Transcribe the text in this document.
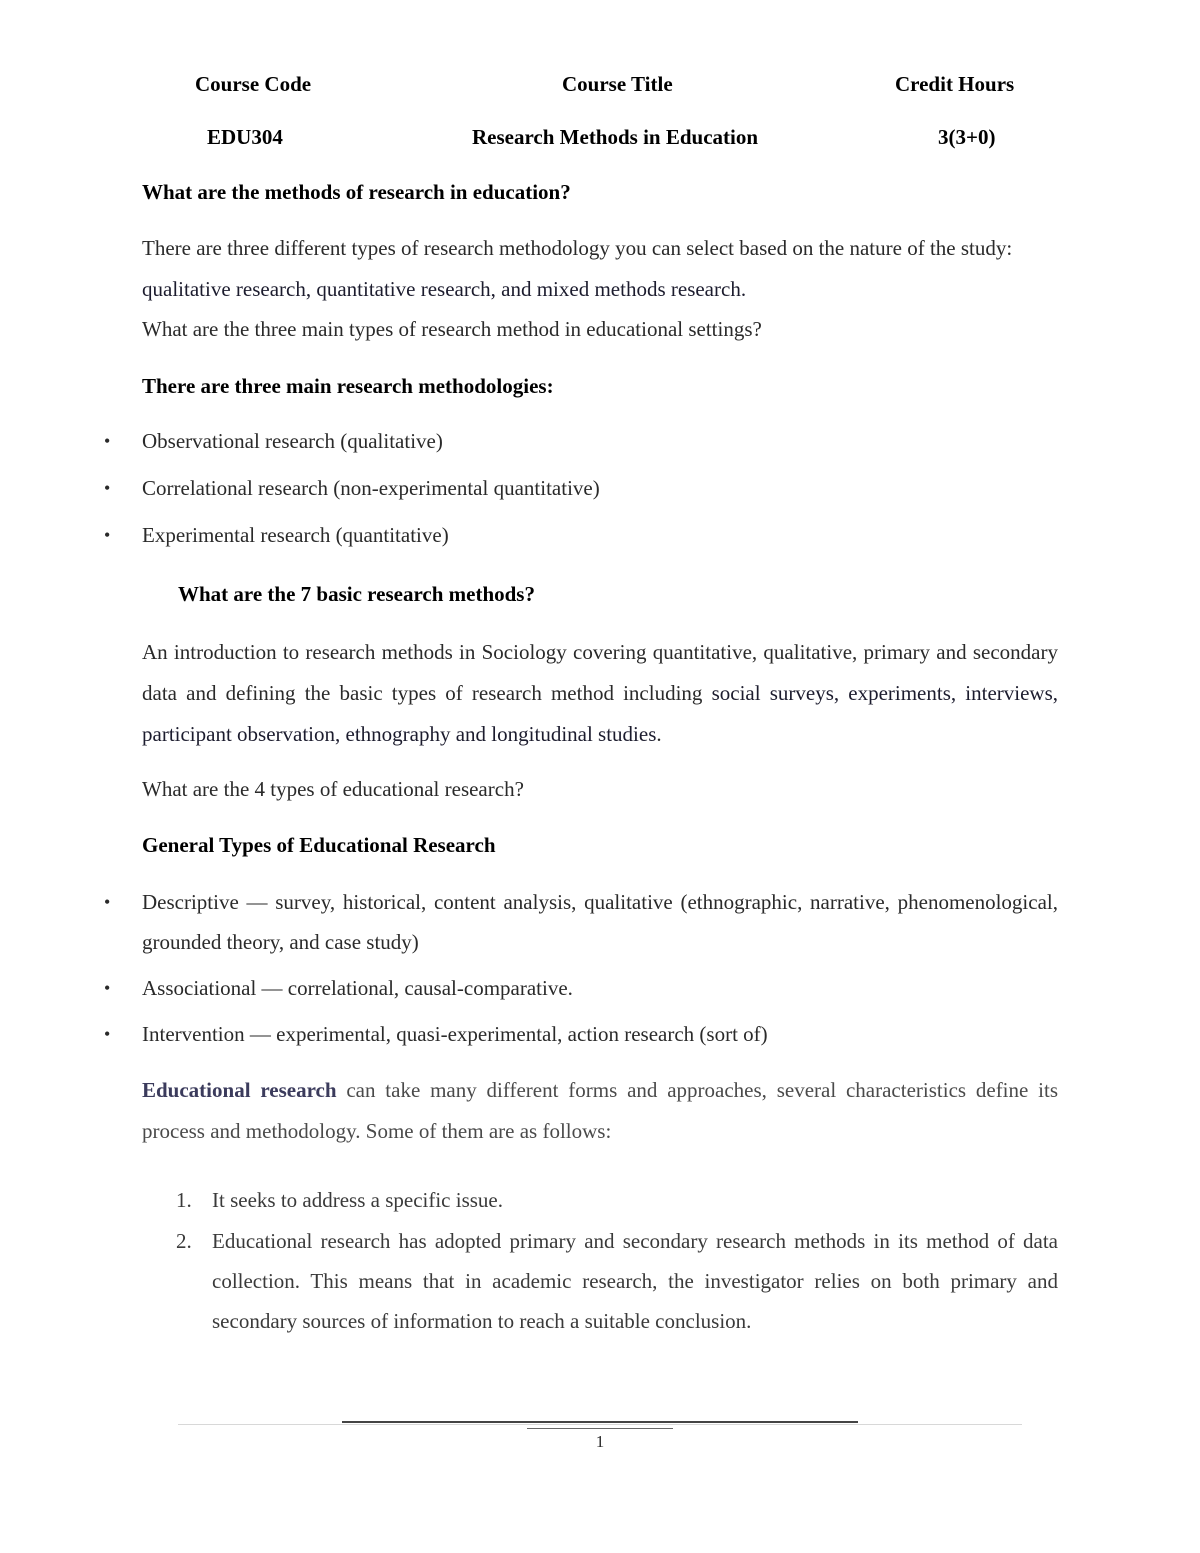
Course Code	Course Title	Credit Hours
EDU304	Research Methods in Education	3(3+0)
What are the methods of research in education?
There are three different types of research methodology you can select based on the nature of the study: qualitative research, quantitative research, and mixed methods research.
What are the three main types of research method in educational settings?
There are three main research methodologies:
•	Observational research (qualitative)
•	Correlational research (non-experimental quantitative)
•	Experimental research (quantitative)
What are the 7 basic research methods?
An introduction to research methods in Sociology covering quantitative, qualitative, primary and secondary data and defining the basic types of research method including social surveys, experiments, interviews, participant observation, ethnography and longitudinal studies.
What are the 4 types of educational research?
General Types of Educational Research
•	Descriptive — survey, historical, content analysis, qualitative (ethnographic, narrative, phenomenological, grounded theory, and case study)
•	Associational — correlational, causal-comparative.
•	Intervention — experimental, quasi-experimental, action research (sort of)
Educational research can take many different forms and approaches, several characteristics define its process and methodology. Some of them are as follows:
1. It seeks to address a specific issue.
2. Educational research has adopted primary and secondary research methods in its method of data collection. This means that in academic research, the investigator relies on both primary and secondary sources of information to reach a suitable conclusion.
1
